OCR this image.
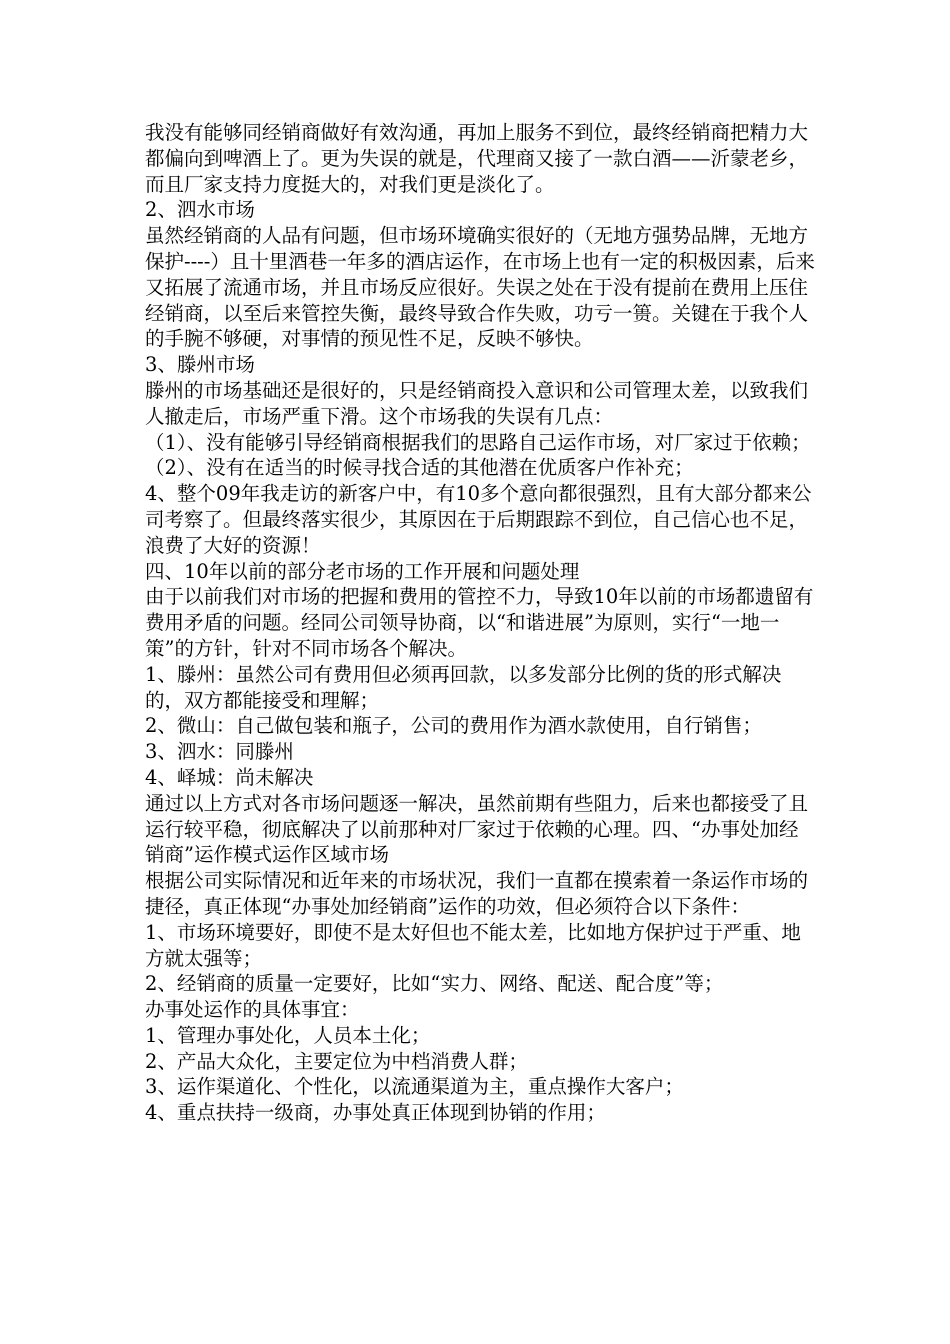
我没有能够同经销商做好有效沟通，再加上服务不到位，最终经销商把精力大都偏向到啤酒上了。更为失误的就是，代理商又接了一款白酒——沂蒙老乡，而且厂家支持力度挺大的，对我们更是淡化了。

2、泗水市场

虽然经销商的人品有问题，但市场环境确实很好的（无地方强势品牌，无地方保护----）且十里酒巷一年多的酒店运作，在市场上也有一定的积极因素，后来又拓展了流通市场，并且市场反应很好。失误之处在于没有提前在费用上压住经销商，以至后来管控失衡，最终导致合作失败，功亏一篑。关键在于我个人的手腕不够硬，对事情的预见性不足，反映不够快。

3、滕州市场

滕州的市场基础还是很好的，只是经销商投入意识和公司管理太差，以致我们人撤走后，市场严重下滑。这个市场我的失误有几点：

（1）、没有能够引导经销商根据我们的思路自己运作市场，对厂家过于依赖；

（2）、没有在适当的时候寻找合适的其他潜在优质客户作补充；

4、整个09年我走访的新客户中，有10多个意向都很强烈，且有大部分都来公司考察了。但最终落实很少，其原因在于后期跟踪不到位，自己信心也不足，浪费了大好的资源！

四、10年以前的部分老市场的工作开展和问题处理

由于以前我们对市场的把握和费用的管控不力，导致10年以前的市场都遗留有费用矛盾的问题。经同公司领导协商，以“和谐进展”为原则，实行“一地一策”的方针，针对不同市场各个解决。

1、滕州：虽然公司有费用但必须再回款，以多发部分比例的货的形式解决的，双方都能接受和理解；

2、微山：自己做包装和瓶子，公司的费用作为酒水款使用，自行销售；

3、泗水：同滕州

4、峄城：尚未解决

通过以上方式对各市场问题逐一解决，虽然前期有些阻力，后来也都接受了且运行较平稳，彻底解决了以前那种对厂家过于依赖的心理。四、“办事处加经销商”运作模式运作区域市场

根据公司实际情况和近年来的市场状况，我们一直都在摸索着一条运作市场的捷径，真正体现“办事处加经销商”运作的功效，但必须符合以下条件：

1、市场环境要好，即使不是太好但也不能太差，比如地方保护过于严重、地方就太强等；

2、经销商的质量一定要好，比如“实力、网络、配送、配合度”等；

办事处运作的具体事宜：

1、管理办事处化，人员本土化；

2、产品大众化，主要定位为中档消费人群；

3、运作渠道化、个性化，以流通渠道为主，重点操作大客户；

4、重点扶持一级商，办事处真正体现到协销的作用；
